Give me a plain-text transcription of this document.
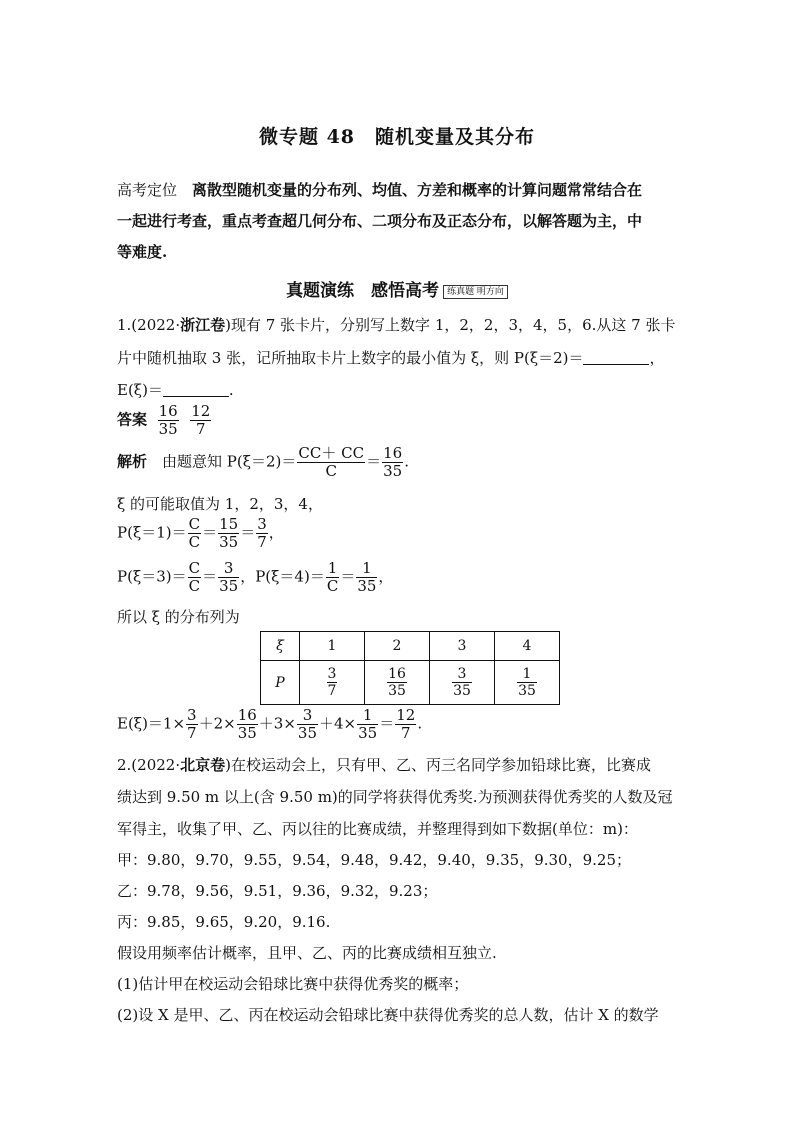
微专题 48　随机变量及其分布
高考定位　 离散型随机变量的分布列、均值、方差和概率的计算问题常常结合在
一起进行考查，重点考查超几何分布、二项分布及正态分布，以解答题为主，中
等难度.
真题演练　感悟高考 练真题 明方向
1.(2022·浙江卷)现有 7 张卡片，分别写上数字 1，2，2，3，4，5，6.从这 7 张卡
片中随机抽取 3 张，记所抽取卡片上数字的最小值为 ξ，则 P(ξ＝2)＝	，
E(ξ)＝	.
答案 $\frac{16}{35}$
$\frac{12}{7}$
解析　 由题意知 $P(\xi=2)= \frac{CC+ CC}{C} = \frac{16}{35}$ .
ξ 的可能取值为 1，2，3，4，
$P(\xi=1)= \frac{C}{C} = \frac{15}{35} = \frac{3}{7}$ ，
$P(\xi=3)= \frac{C}{C} = \frac{3}{35}$ ，$P(\xi=4)= \frac{1}{C} = \frac{1}{35}$ ，
所以 ξ 的分布列为
ξ	1	2	3	4
P	$\frac{3}{7}$	$\frac{16}{35}$	$\frac{3}{35}$	$\frac{1}{35}$
$E(\xi)=1\times \frac{3}{7} +2\times \frac{16}{35} +3\times \frac{3}{35} +4\times \frac{1}{35} = \frac{12}{7}$ .
2.(2022·北京卷)在校运动会上，只有甲、乙、丙三名同学参加铅球比赛，比赛成
绩达到 9.50 m 以上(含 9.50 m)的同学将获得优秀奖.为预测获得优秀奖的人数及冠
军得主，收集了甲、乙、丙以往的比赛成绩，并整理得到如下数据(单位：m)：
甲：9.80，9.70，9.55，9.54，9.48，9.42，9.40，9.35，9.30，9.25；
乙：9.78，9.56，9.51，9.36，9.32，9.23；
丙：9.85，9.65，9.20，9.16.
假设用频率估计概率，且甲、乙、丙的比赛成绩相互独立.
(1)估计甲在校运动会铅球比赛中获得优秀奖的概率；
(2)设 X 是甲、乙、丙在校运动会铅球比赛中获得优秀奖的总人数，估计 X 的数学
